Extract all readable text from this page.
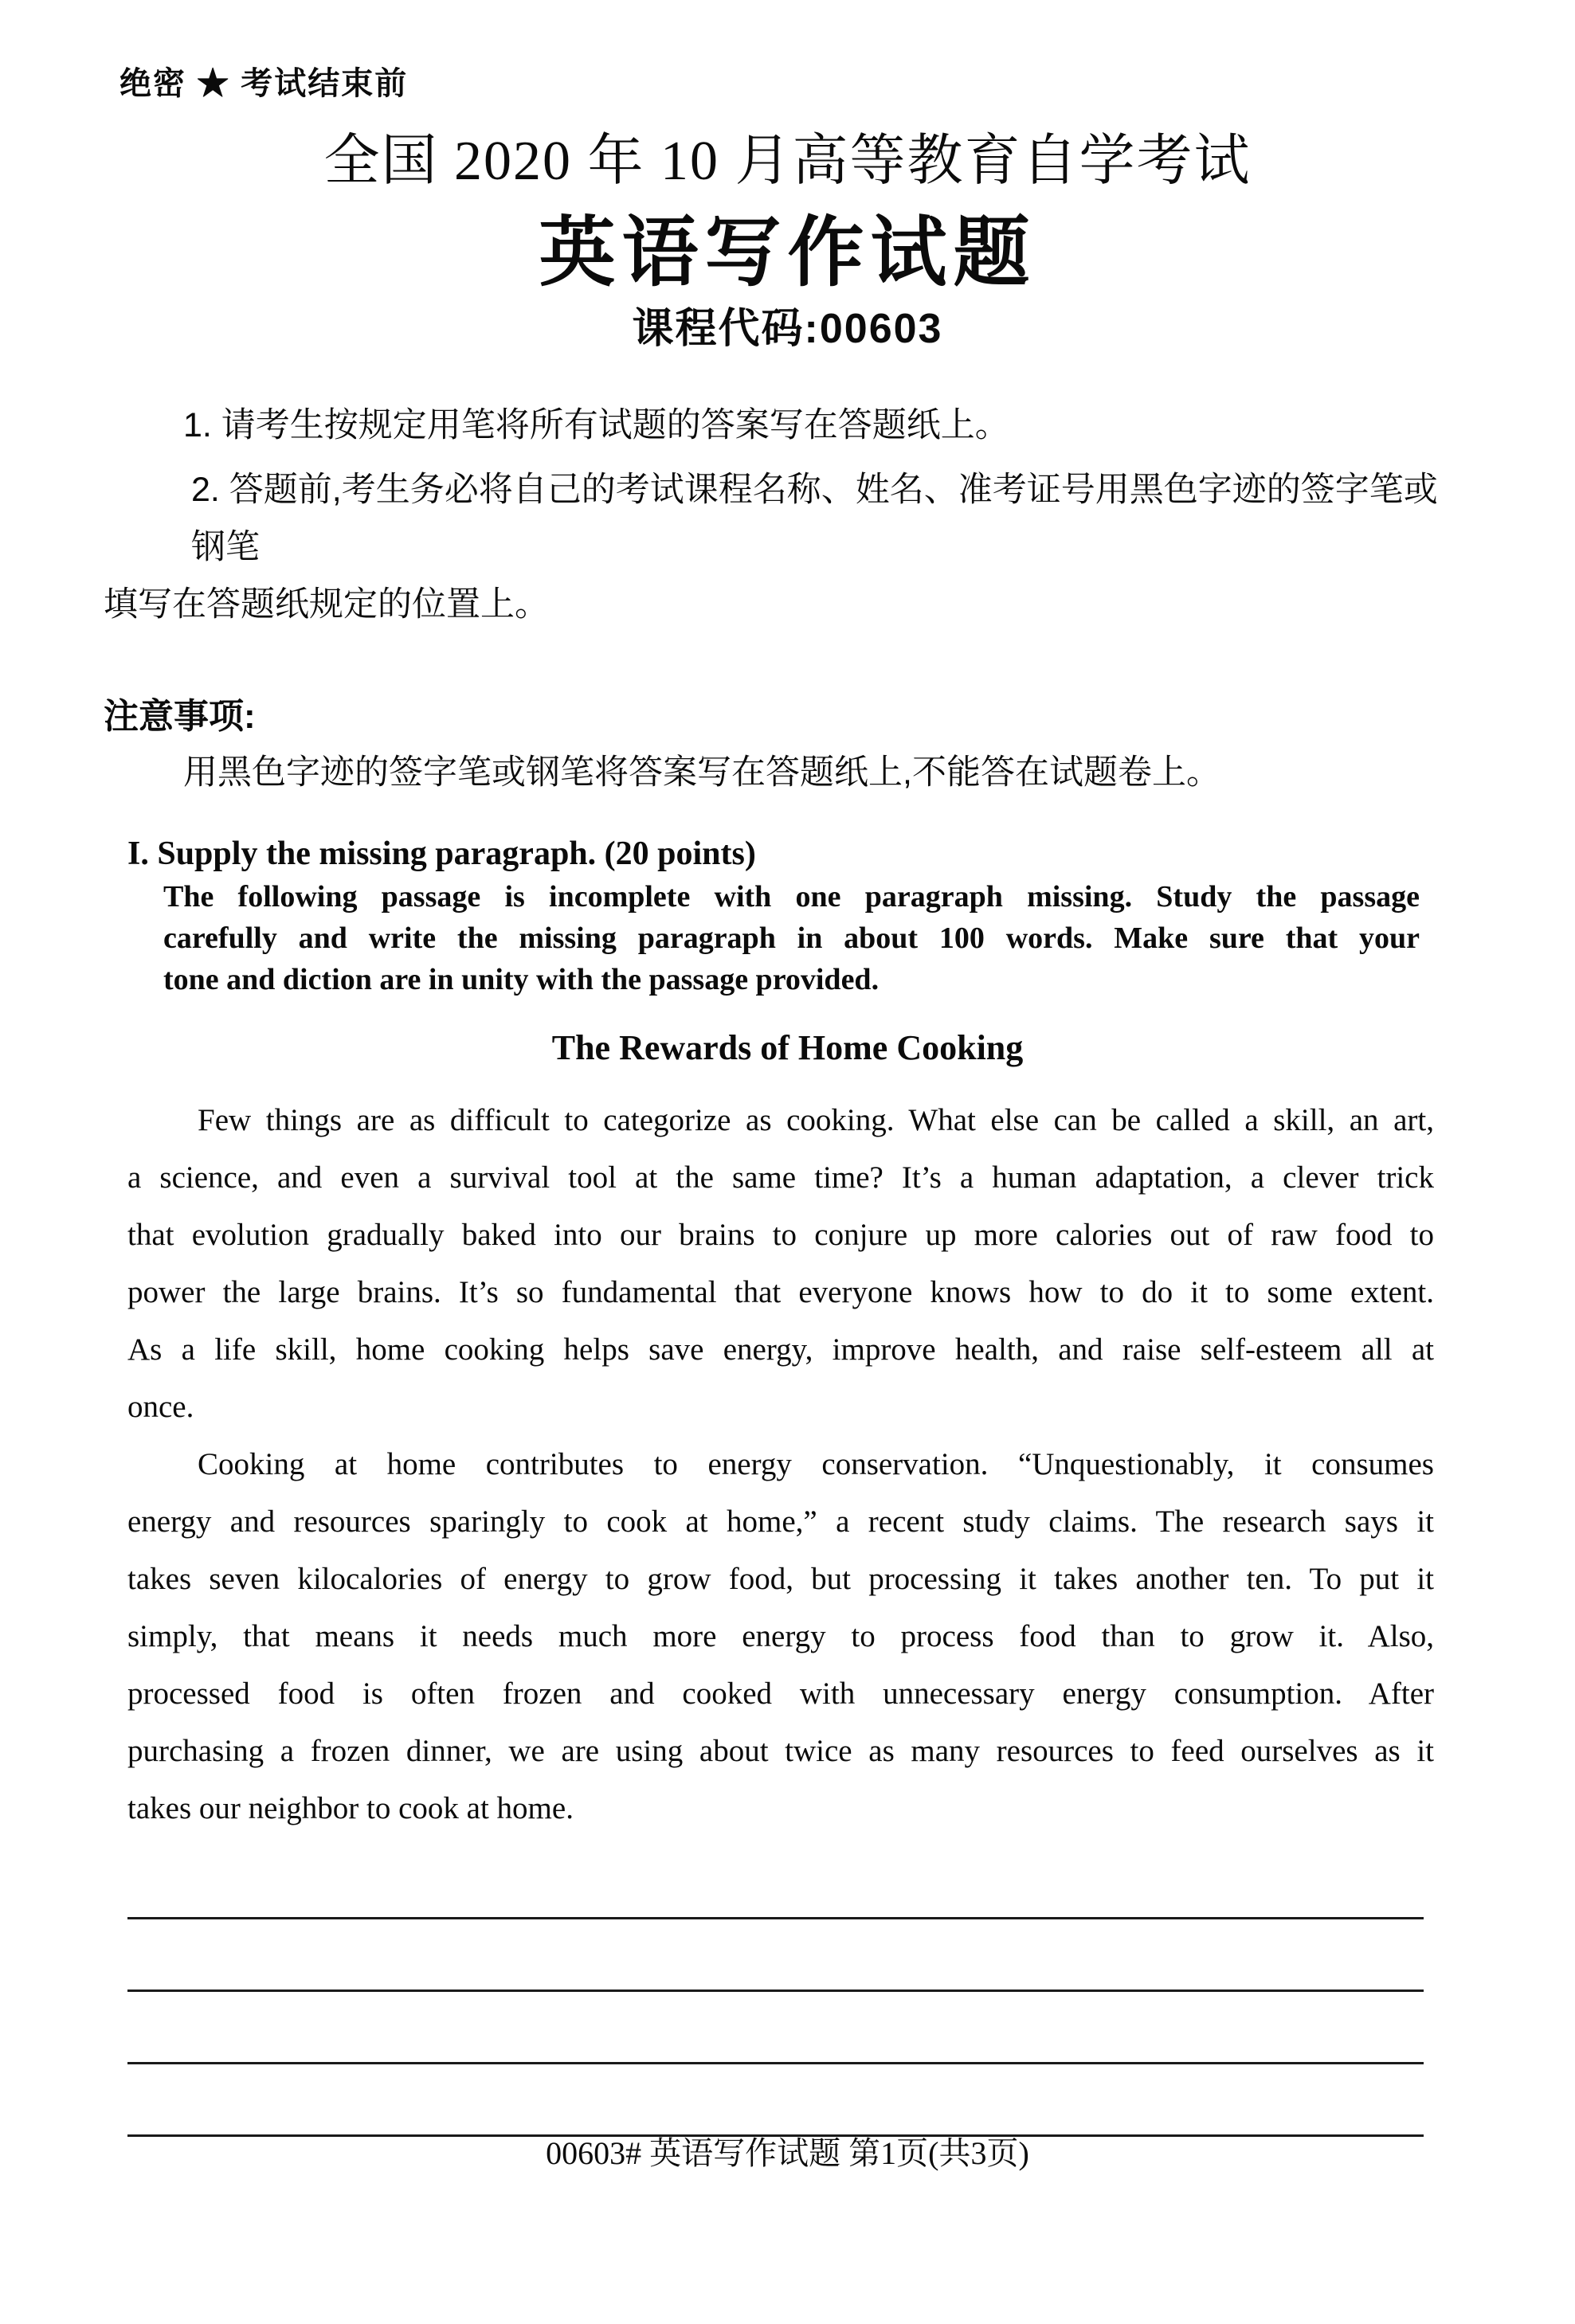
绝密 ★ 考试结束前
全国 2020 年 10 月高等教育自学考试
英语写作试题
课程代码:00603
1. 请考生按规定用笔将所有试题的答案写在答题纸上。
2. 答题前,考生务必将自己的考试课程名称、姓名、准考证号用黑色字迹的签字笔或钢笔
填写在答题纸规定的位置上。
注意事项:
用黑色字迹的签字笔或钢笔将答案写在答题纸上,不能答在试题卷上。
I. Supply the missing paragraph. (20 points)
The following passage is incomplete with one paragraph missing. Study the passage
carefully and write the missing paragraph in about 100 words. Make sure that your
tone and diction are in unity with the passage provided.
The Rewards of Home Cooking
Few things are as difficult to categorize as cooking. What else can be called a skill, an art,
a science, and even a survival tool at the same time? It’s a human adaptation, a clever trick
that evolution gradually baked into our brains to conjure up more calories out of raw food to
power the large brains. It’s so fundamental that everyone knows how to do it to some extent.
As a life skill, home cooking helps save energy, improve health, and raise self-esteem all at
once.
Cooking at home contributes to energy conservation. “Unquestionably, it consumes
energy and resources sparingly to cook at home,” a recent study claims. The research says it
takes seven kilocalories of energy to grow food, but processing it takes another ten. To put it
simply, that means it needs much more energy to process food than to grow it. Also,
processed food is often frozen and cooked with unnecessary energy consumption. After
purchasing a frozen dinner, we are using about twice as many resources to feed ourselves as it
takes our neighbor to cook at home.
00603# 英语写作试题 第1页(共3页)
